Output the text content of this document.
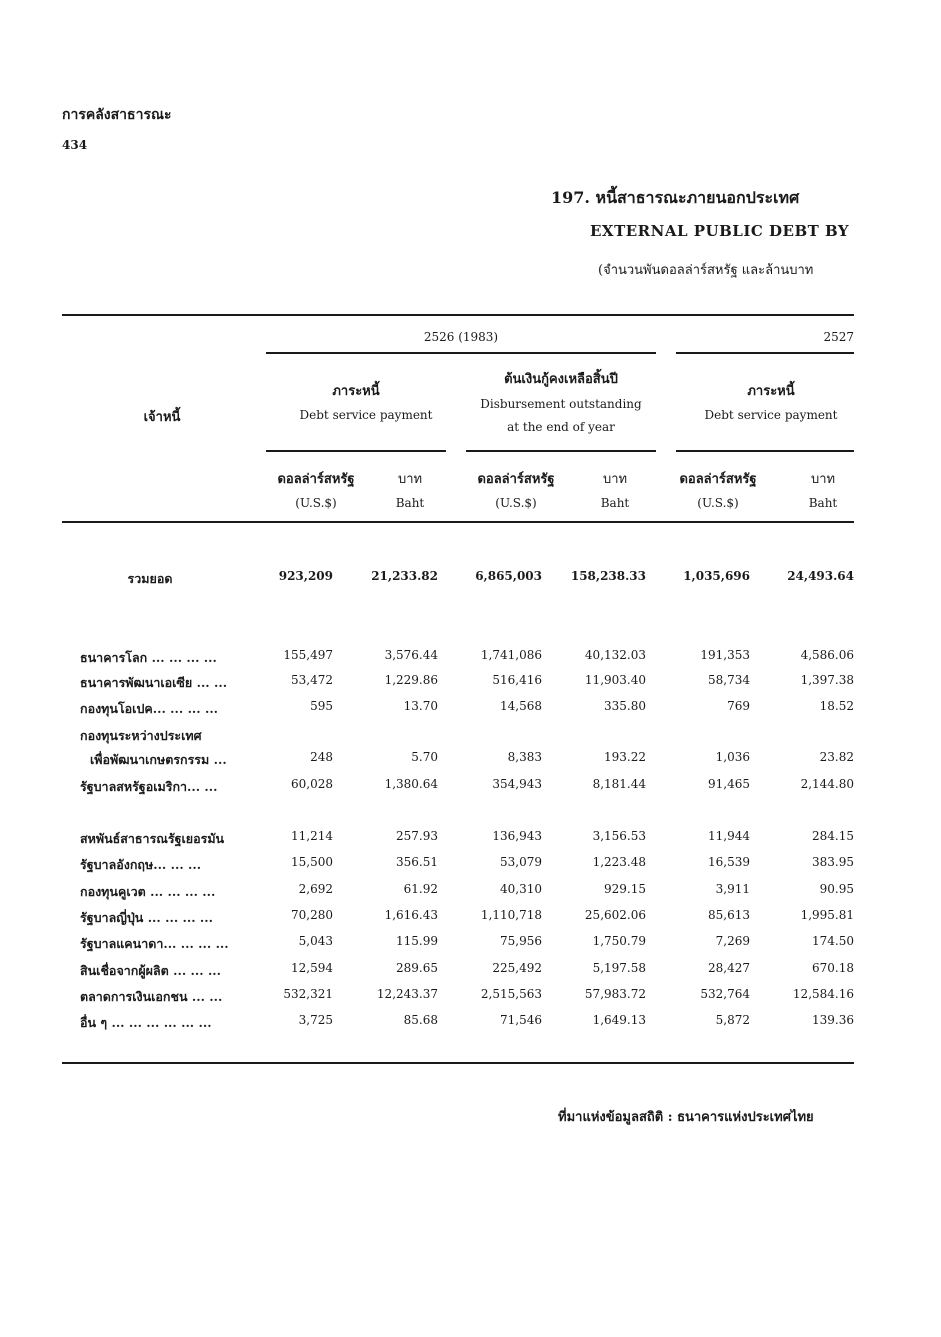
การคลังสาธารณะ
434
197. หนี้สาธารณะภายนอกประเทศ
EXTERNAL PUBLIC DEBT BY
(จำนวนพันดอลล่าร์สหรัฐ และล้านบาท
2526 (1983)	2527
เจ้าหนี้
ภาระหนี้
Debt service payment
ต้นเงินกู้คงเหลือสิ้นปี
Disbursement outstanding
at the end of year
ภาระหนี้
Debt service payment
ดอลล่าร์สหรัฐ
(U.S.$)
บาท
Baht
ดอลล่าร์สหรัฐ
(U.S.$)
บาท
Baht
ดอลล่าร์สหรัฐ
(U.S.$)
บาท
Baht
รวมยอด	923,209	21,233.82	6,865,003	158,238.33	1,035,696	24,493.64
ธนาคารโลก ... ... ... ...	155,497	3,576.44	1,741,086	40,132.03	191,353	4,586.06
ธนาคารพัฒนาเอเซีย ... ...	53,472	1,229.86	516,416	11,903.40	58,734	1,397.38
กองทุนโอเปค... ... ... ...	595	13.70	14,568	335.80	769	18.52
กองทุนระหว่างประเทศ
เพื่อพัฒนาเกษตรกรรม ...	248	5.70	8,383	193.22	1,036	23.82
รัฐบาลสหรัฐอเมริกา... ...	60,028	1,380.64	354,943	8,181.44	91,465	2,144.80
สหพันธ์สาธารณรัฐเยอรมัน	11,214	257.93	136,943	3,156.53	11,944	284.15
รัฐบาลอังกฤษ... ... ...	15,500	356.51	53,079	1,223.48	16,539	383.95
กองทุนคูเวต ... ... ... ...	2,692	61.92	40,310	929.15	3,911	90.95
รัฐบาลญี่ปุ่น ... ... ... ...	70,280	1,616.43	1,110,718	25,602.06	85,613	1,995.81
รัฐบาลแคนาดา... ... ... ...	5,043	115.99	75,956	1,750.79	7,269	174.50
สินเชื่อจากผู้ผลิต ... ... ...	12,594	289.65	225,492	5,197.58	28,427	670.18
ตลาดการเงินเอกชน ... ...	532,321	12,243.37	2,515,563	57,983.72	532,764	12,584.16
อื่น ๆ ... ... ... ... ... ...	3,725	85.68	71,546	1,649.13	5,872	139.36
ที่มาแห่งข้อมูลสถิติ : ธนาคารแห่งประเทศไทย
